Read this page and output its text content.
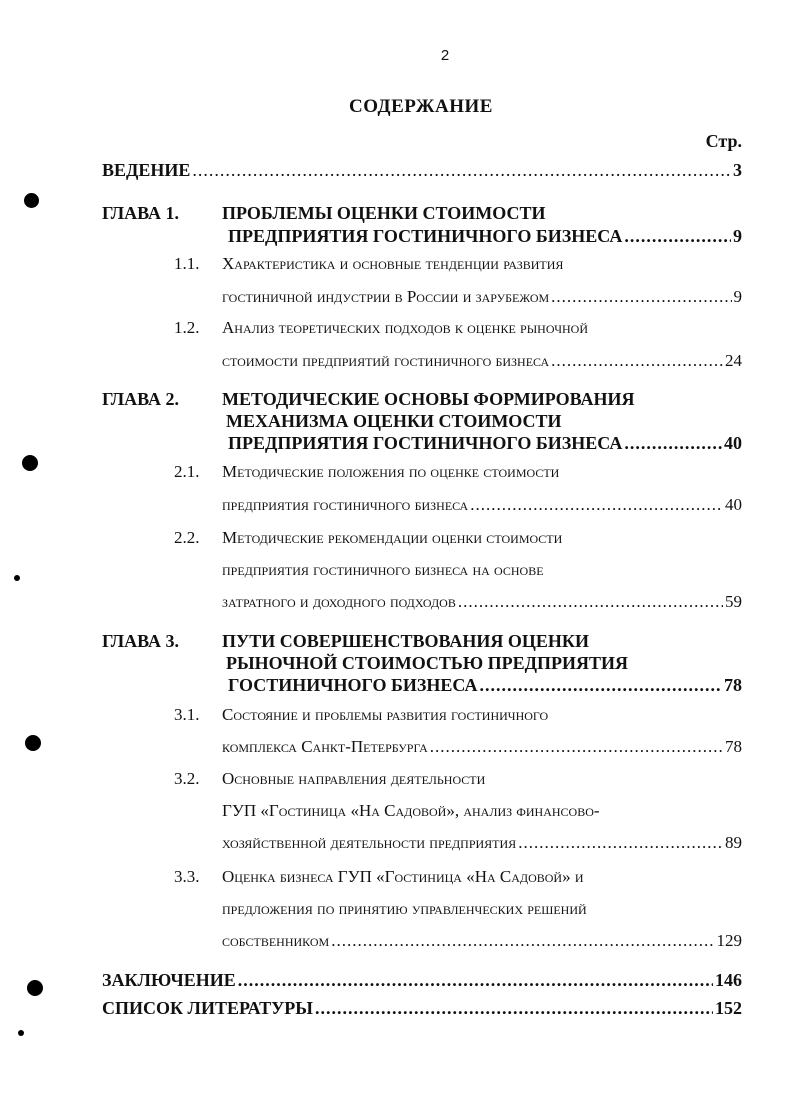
2
СОДЕРЖАНИЕ
Стр.
ВЕДЕНИЕ .....	3
ГЛАВА 1. ПРОБЛЕМЫ ОЦЕНКИ СТОИМОСТИ
ПРЕДПРИЯТИЯ ГОСТИНИЧНОГО БИЗНЕСА .....	9
1.1. Характеристика и основные тенденции развития
гостиничной индустрии в России и зарубежом .....	9
1.2. Анализ теоретических подходов к оценке рыночной
стоимости предприятий гостиничного бизнеса .....	24
ГЛАВА 2. МЕТОДИЧЕСКИЕ ОСНОВЫ ФОРМИРОВАНИЯ
МЕХАНИЗМА ОЦЕНКИ СТОИМОСТИ
ПРЕДПРИЯТИЯ ГОСТИНИЧНОГО БИЗНЕСА .....	40
2.1. Методические положения по оценке стоимости
предприятия гостиничного бизнеса .....	40
2.2. Методические рекомендации оценки стоимости
предприятия гостиничного бизнеса на основе
затратного и доходного подходов .....	59
ГЛАВА 3. ПУТИ СОВЕРШЕНСТВОВАНИЯ ОЦЕНКИ
РЫНОЧНОЙ СТОИМОСТЬЮ ПРЕДПРИЯТИЯ
ГОСТИНИЧНОГО БИЗНЕСА .....	78
3.1. Состояние и проблемы развития гостиничного
комплекса Санкт-Петербурга .....	78
3.2. Основные направления деятельности
ГУП «Гостиница «На Садовой», анализ финансово-
хозяйственной деятельности предприятия .....	89
3.3. Оценка бизнеса ГУП «Гостиница «На Садовой» и
предложения по принятию управленческих решений
собственником .....	129
ЗАКЛЮЧЕНИЕ .....	146
СПИСОК ЛИТЕРАТУРЫ .....	152
